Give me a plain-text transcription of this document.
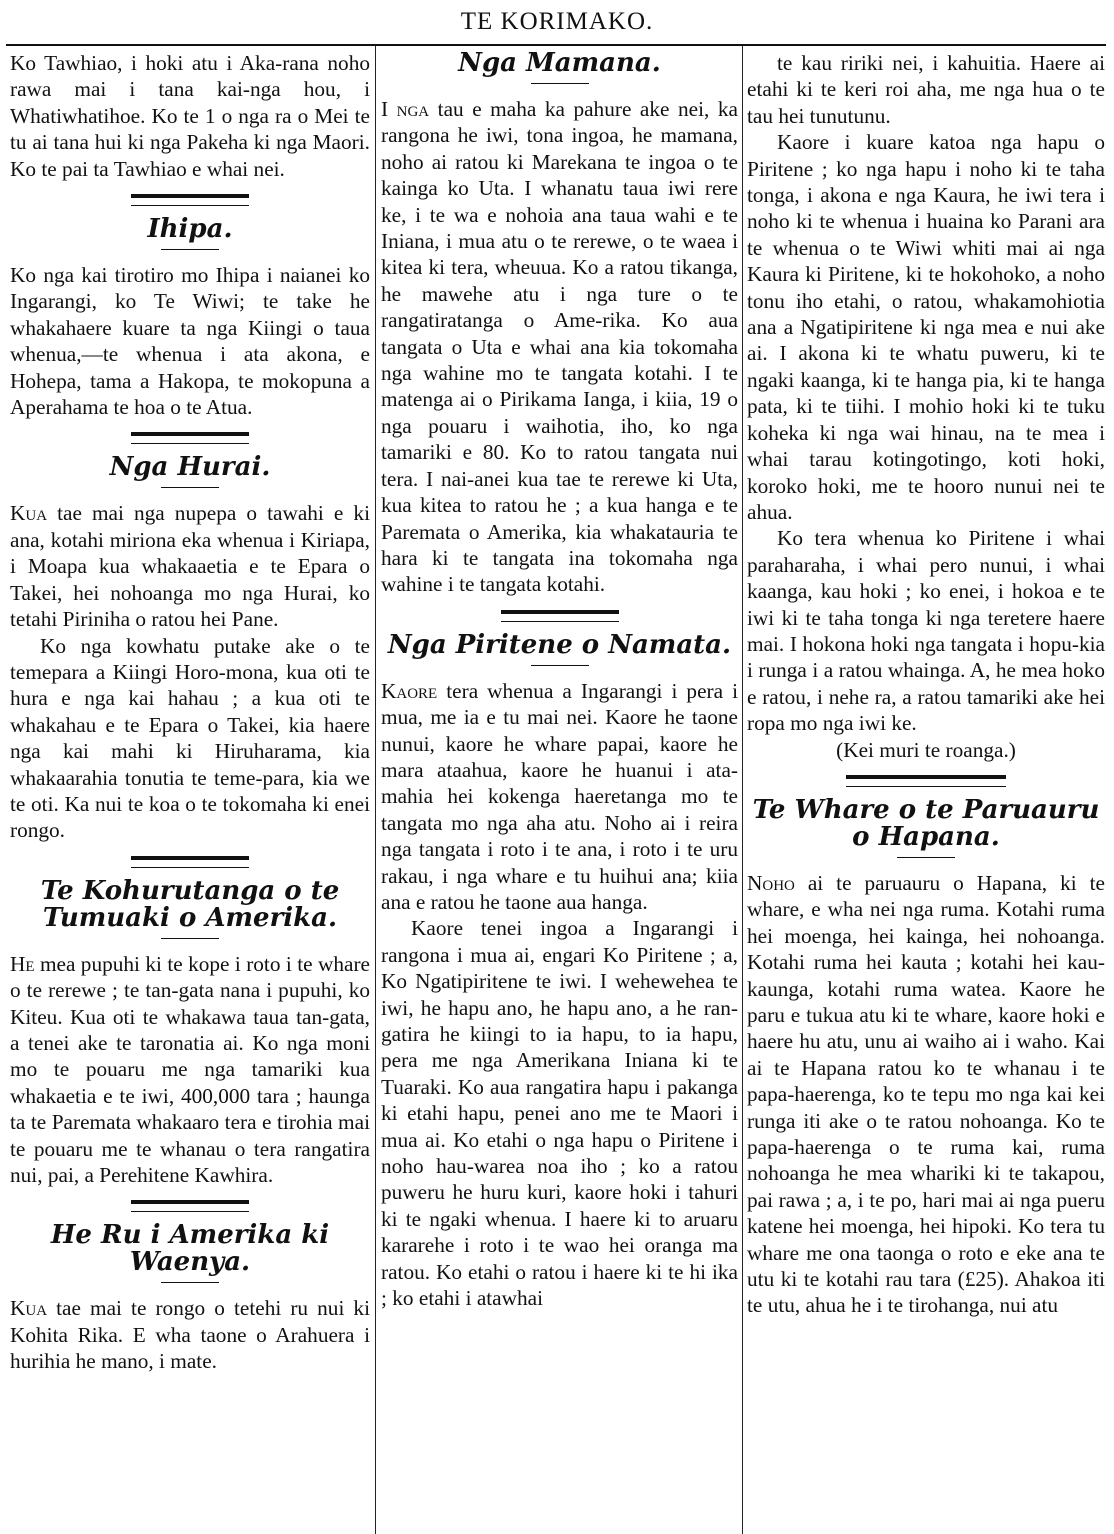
TE KORIMAKO.

Ko Tawhiao, i hoki atu i Aka-rana noho rawa mai i tana kai-nga hou, i Whatiwhatihoe. Ko te 1 o nga ra o Mei te tu ai tana hui ki nga Pakeha ki nga Maori. Ko te pai ta Tawhiao e whai nei.

Ihipa.

Ko nga kai tirotiro mo Ihipa i naianei ko Ingarangi, ko Te Wiwi; te take he whakahaere kuare ta nga Kiingi o taua whenua,—te whenua i ata akona, e Hohepa, tama a Hakopa, te mokopuna a Aperahama te hoa o te Atua.

Nga Hurai.

Kua tae mai nga nupepa o tawahi e ki ana, kotahi miriona eka whenua i Kiriapa, i Moapa kua whakaaetia e te Epara o Takei, hei nohoanga mo nga Hurai, ko tetahi Piriniha o ratou hei Pane.

Ko nga kowhatu putake ake o te temepara a Kiingi Horo-mona, kua oti te hura e nga kai hahau ; a kua oti te whakahau e te Epara o Takei, kia haere nga kai mahi ki Hiruharama, kia whakaarahia tonutia te teme-para, kia we te oti. Ka nui te koa o te tokomaha ki enei rongo.

Te Kohurutanga o te Tumuaki o Amerika.

He mea pupuhi ki te kope i roto i te whare o te rerewe ; te tan-gata nana i pupuhi, ko Kiteu. Kua oti te whakawa taua tan-gata, a tenei ake te taronatia ai. Ko nga moni mo te pouaru me nga tamariki kua whakaetia e te iwi, 400,000 tara ; haunga ta te Paremata whakaaro tera e tirohia mai te pouaru me te whanau o tera rangatira nui, pai, a Perehitene Kawhira.

He Ru i Amerika ki Waenya.

Kua tae mai te rongo o tetehi ru nui ki Kohita Rika. E wha taone o Arahuera i hurihia he mano, i mate.

Nga Mamana.

I nga tau e maha ka pahure ake nei, ka rangona he iwi, tona ingoa, he mamana, noho ai ratou ki Marekana te ingoa o te kainga ko Uta. I whanatu taua iwi rere ke, i te wa e nohoia ana taua wahi e te Iniana, i mua atu o te rerewe, o te waea i kitea ki tera, wheuua. Ko a ratou tikanga, he mawehe atu i nga ture o te rangatiratanga o Ame-rika. Ko aua tangata o Uta e whai ana kia tokomaha nga wahine mo te tangata kotahi. I te matenga ai o Pirikama Ianga, i kiia, 19 o nga pouaru i waihotia, iho, ko nga tamariki e 80. Ko to ratou tangata nui tera. I nai-anei kua tae te rerewe ki Uta, kua kitea to ratou he ; a kua hanga e te Paremata o Amerika, kia whakatauria te hara ki te tangata ina tokomaha nga wahine i te tangata kotahi.

Nga Piritene o Namata.

Kaore tera whenua a Ingarangi i pera i mua, me ia e tu mai nei. Kaore he taone nunui, kaore he whare papai, kaore he mara ataahua, kaore he huanui i ata-mahia hei kokenga haeretanga mo te tangata mo nga aha atu. Noho ai i reira nga tangata i roto i te ana, i roto i te uru rakau, i nga whare e tu huihui ana; kiia ana e ratou he taone aua hanga.

Kaore tenei ingoa a Ingarangi i rangona i mua ai, engari Ko Piritene ; a, Ko Ngatipiritene te iwi. I wehewehea te iwi, he hapu ano, he hapu ano, a he ran-gatira he kiingi to ia hapu, to ia hapu, pera me nga Amerikana Iniana ki te Tuaraki. Ko aua rangatira hapu i pakanga ki etahi hapu, penei ano me te Maori i mua ai. Ko etahi o nga hapu o Piritene i noho hau-warea noa iho ; ko a ratou puweru he huru kuri, kaore hoki i tahuri ki te ngaki whenua. I haere ki to aruaru kararehe i roto i te wao hei oranga ma ratou. Ko etahi o ratou i haere ki te hi ika ; ko etahi i atawhai

te kau ririki nei, i kahuitia. Haere ai etahi ki te keri roi aha, me nga hua o te tau hei tunutunu.

Kaore i kuare katoa nga hapu o Piritene ; ko nga hapu i noho ki te taha tonga, i akona e nga Kaura, he iwi tera i noho ki te whenua i huaina ko Parani ara te whenua o te Wiwi whiti mai ai nga Kaura ki Piritene, ki te hokohoko, a noho tonu iho etahi, o ratou, whakamohiotia ana a Ngatipiritene ki nga mea e nui ake ai. I akona ki te whatu puweru, ki te ngaki kaanga, ki te hanga pia, ki te hanga pata, ki te tiihi. I mohio hoki ki te tuku koheka ki nga wai hinau, na te mea i whai tarau kotingotingo, koti hoki, koroko hoki, me te hooro nunui nei te ahua.

Ko tera whenua ko Piritene i whai paraharaha, i whai pero nunui, i whai kaanga, kau hoki ; ko enei, i hokoa e te iwi ki te taha tonga ki nga teretere haere mai. I hokona hoki nga tangata i hopu-kia i runga i a ratou whainga. A, he mea hoko e ratou, i nehe ra, a ratou tamariki ake hei ropa mo nga iwi ke.

(Kei muri te roanga.)

Te Whare o te Paruauru o Hapana.

Noho ai te paruauru o Hapana, ki te whare, e wha nei nga ruma. Kotahi ruma hei moenga, hei kainga, hei nohoanga. Kotahi ruma hei kauta ; kotahi hei kau-kaunga, kotahi ruma watea. Kaore he paru e tukua atu ki te whare, kaore hoki e haere hu atu, unu ai waiho ai i waho. Kai ai te Hapana ratou ko te whanau i te papa-haerenga, ko te tepu mo nga kai kei runga iti ake o te ratou nohoanga. Ko te papa-haerenga o te ruma kai, ruma nohoanga he mea whariki ki te takapou, pai rawa ; a, i te po, hari mai ai nga pueru katene hei moenga, hei hipoki. Ko tera tu whare me ona taonga o roto e eke ana te utu ki te kotahi rau tara (£25). Ahakoa iti te utu, ahua he i te tirohanga, nui atu
